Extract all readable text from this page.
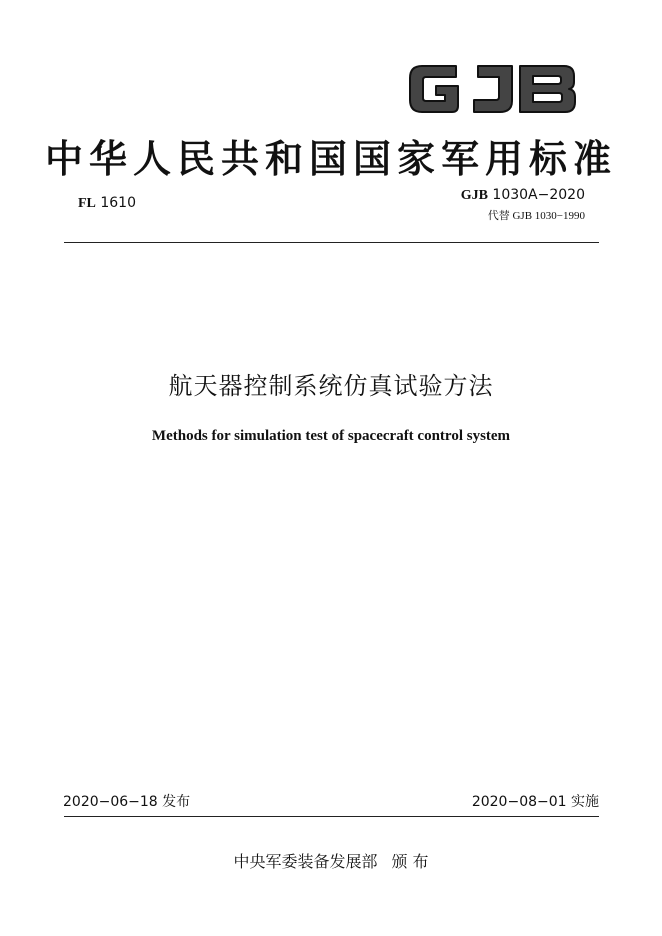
中华人民共和国国家军用标准
FL 1610	GJB 1030A−2020
代替 GJB 1030−1990
航天器控制系统仿真试验方法
Methods for simulation test of spacecraft control system
2020−06−18 发布	2020−08−01 实施
中央军委装备发展部 颁 布
